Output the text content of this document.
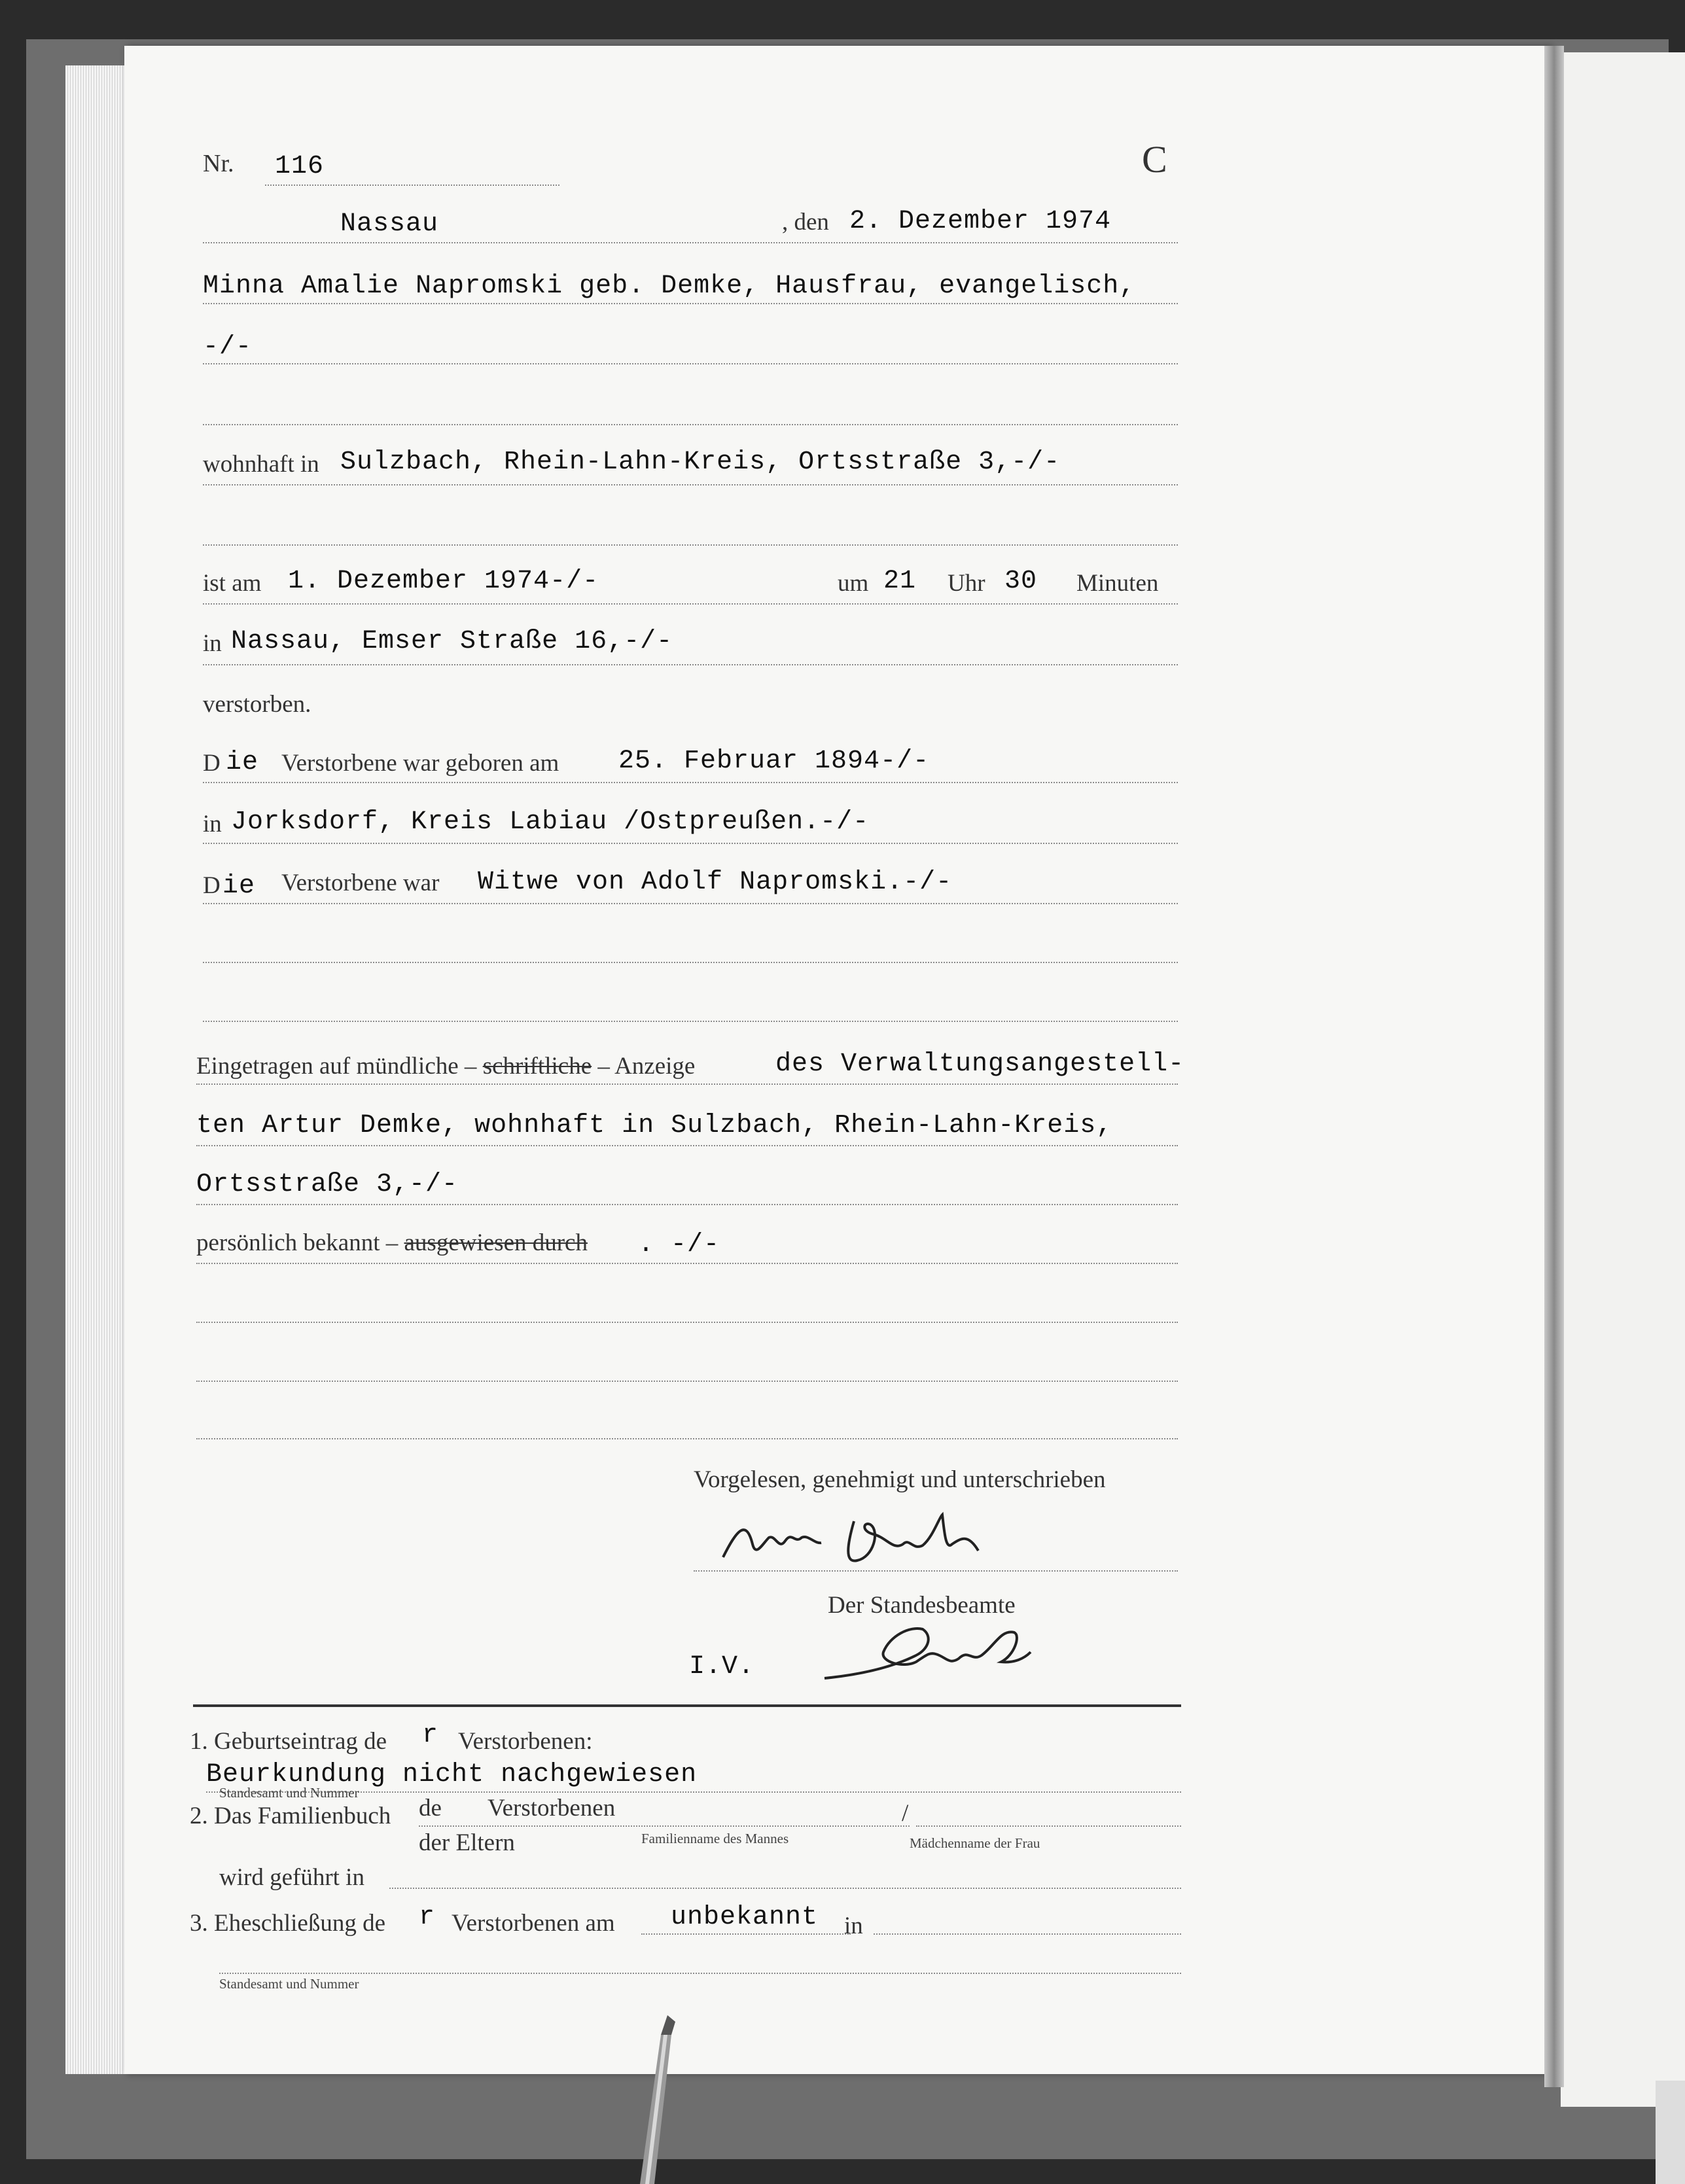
Nr. 116	C
Nassau	, den 2. Dezember 1974
Minna Amalie Napromski geb. Demke, Hausfrau, evangelisch,
-/-
wohnhaft in Sulzbach, Rhein-Lahn-Kreis, Ortsstraße 3,-/-
ist am 1. Dezember 1974-/-	um 21 Uhr 30 Minuten
in Nassau, Emser Straße 16,-/-
verstorben.
D ie Verstorbene war geboren am 25. Februar 1894-/-
in Jorksdorf, Kreis Labiau /Ostpreußen.-/-
D ie Verstorbene war Witwe von Adolf Napromski.-/-
Eingetragen auf mündliche – schriftliche – Anzeige	des Verwaltungsangestell-
ten Artur Demke, wohnhaft in Sulzbach, Rhein-Lahn-Kreis,
Ortsstraße 3,-/-
persönlich bekannt – ausgewiesen durch . -/-
Vorgelesen, genehmigt und unterschrieben
Der Standesbeamte
I.V.
1. Geburtseintrag de r Verstorbenen:
Beurkundung nicht nachgewiesen
Standesamt und Nummer
2. Das Familienbuch de Verstorbenen	/
der Eltern	Familienname des Mannes	Mädchenname der Frau
wird geführt in
3. Eheschließung de r Verstorbenen am unbekannt in
Standesamt und Nummer
